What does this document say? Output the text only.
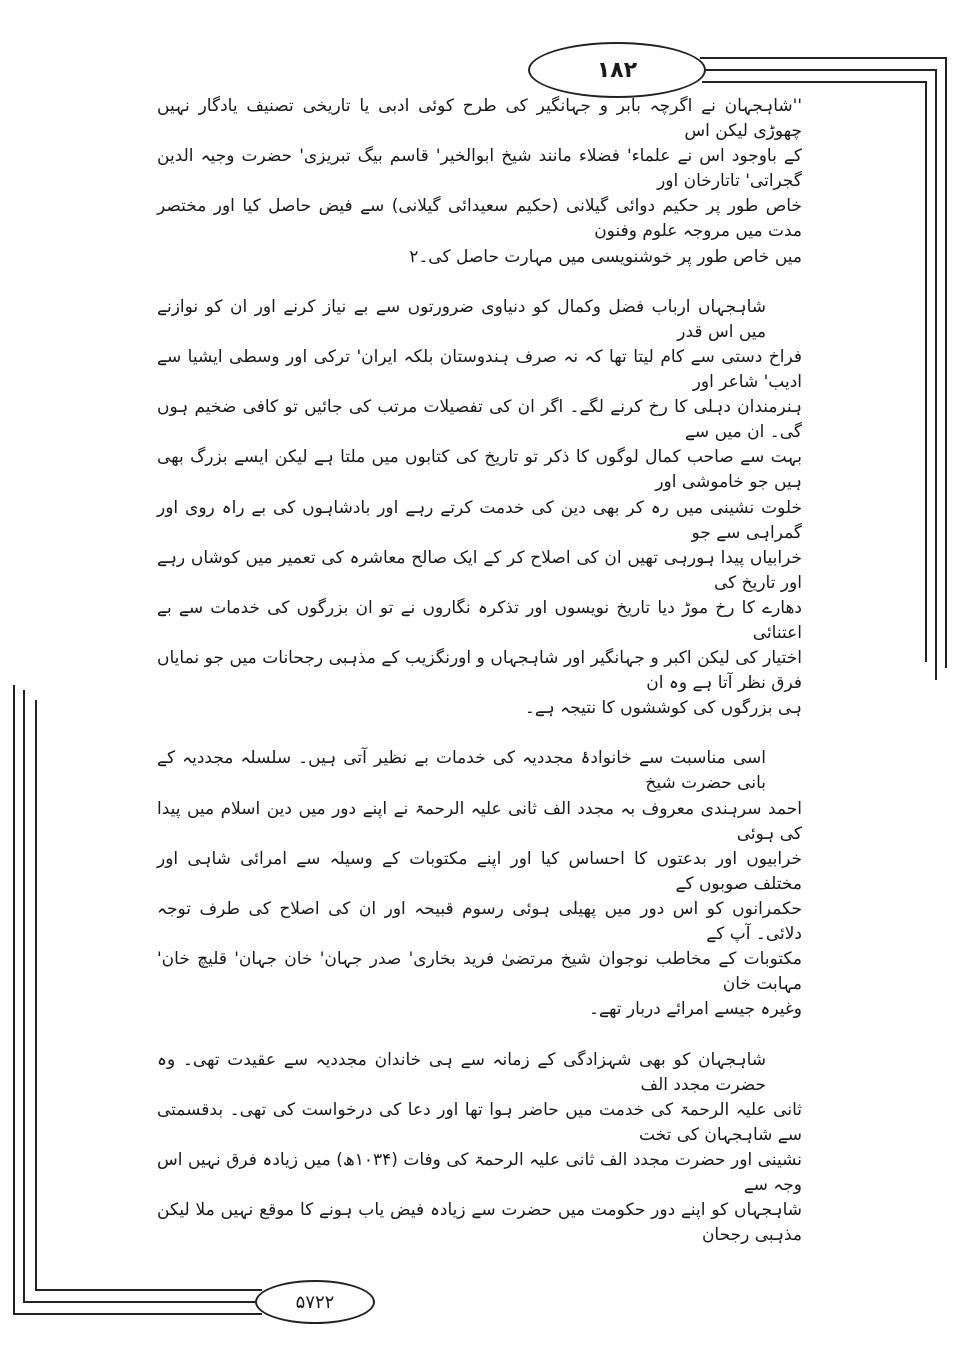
۱۸۲
''شاہجہان نے اگرچہ بابر و جہانگیر کی طرح کوئی ادبی یا تاریخی تصنیف یادگار نہیں چھوڑی لیکن اس
کے باوجود اس نے علماء' فضلاء مانند شیخ ابوالخیر' قاسم بیگ تبریزی' حضرت وجیہ الدین گجراتی' تاتارخان اور
خاص طور پر حکیم دوائی گیلانی (حکیم سعیدائی گیلانی) سے فیض حاصل کیا اور مختصر مدت میں مروجہ علوم وفنون
میں خاص طور پر خوشنویسی میں مہارت حاصل کی۔۲
شاہجہاں ارباب فضل وکمال کو دنیاوی ضرورتوں سے بے نیاز کرنے اور ان کو نوازنے میں اس قدر
فراخ دستی سے کام لیتا تھا کہ نہ صرف ہندوستان بلکہ ایران' ترکی اور وسطی ایشیا سے ادیب' شاعر اور
ہنرمندان دہلی کا رخ کرنے لگے۔ اگر ان کی تفصیلات مرتب کی جائیں تو کافی ضخیم ہوں گی۔ ان میں سے
بہت سے صاحب کمال لوگوں کا ذکر تو تاریخ کی کتابوں میں ملتا ہے لیکن ایسے بزرگ بھی ہیں جو خاموشی اور
خلوت نشینی میں رہ کر بھی دین کی خدمت کرتے رہے اور بادشاہوں کی بے راہ روی اور گمراہی سے جو
خرابیاں پیدا ہورہی تھیں ان کی اصلاح کر کے ایک صالح معاشرہ کی تعمیر میں کوشاں رہے اور تاریخ کی
دھارے کا رخ موڑ دیا تاریخ نویسوں اور تذکرہ نگاروں نے تو ان بزرگوں کی خدمات سے بے اعتنائی
اختیار کی لیکن اکبر و جہانگیر اور شاہجہاں و اورنگزیب کے مذہبی رجحانات میں جو نمایاں فرق نظر آتا ہے وہ ان
ہی بزرگوں کی کوششوں کا نتیجہ ہے۔
اسی مناسبت سے خانوادۂ مجددیہ کی خدمات بے نظیر آتی ہیں۔ سلسلہ مجددیہ کے بانی حضرت شیخ
احمد سرہندی معروف بہ مجدد الف ثانی علیہ الرحمۃ نے اپنے دور میں دین اسلام میں پیدا کی ہوئی
خرابیوں اور بدعتوں کا احساس کیا اور اپنے مکتوبات کے وسیلہ سے امرائی شاہی اور مختلف صوبوں کے
حکمرانوں کو اس دور میں پھیلی ہوئی رسوم قبیحہ اور ان کی اصلاح کی طرف توجہ دلائی۔ آپ کے
مکتوبات کے مخاطب نوجوان شیخ مرتضیٰ فرید بخاری' صدر جہان' خان جہان' قلیچ خان' مہابت خان
وغیرہ جیسے امرائے دربار تھے۔
شاہجہان کو بھی شہزادگی کے زمانہ سے ہی خاندان مجددیہ سے عقیدت تھی۔ وہ حضرت مجدد الف
ثانی علیہ الرحمۃ کی خدمت میں حاضر ہوا تھا اور دعا کی درخواست کی تھی۔ بدقسمتی سے شاہجہان کی تخت
نشینی اور حضرت مجدد الف ثانی علیہ الرحمۃ کی وفات (۱۰۳۴ھ) میں زیادہ فرق نہیں اس وجہ سے
شاہجہاں کو اپنے دور حکومت میں حضرت سے زیادہ فیض یاب ہونے کا موقع نہیں ملا لیکن مذہبی رجحان
۵۷۲۲
